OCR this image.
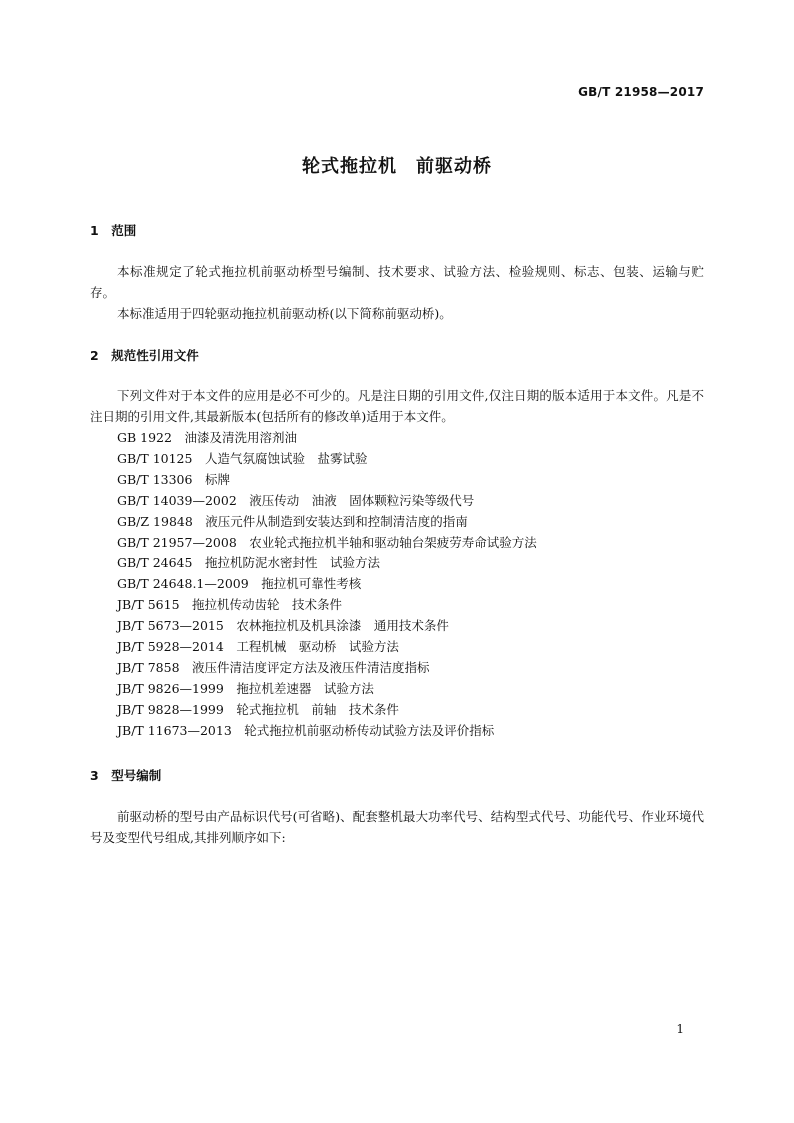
GB/T 21958—2017
轮式拖拉机　前驱动桥
1　范围

本标准规定了轮式拖拉机前驱动桥型号编制、技术要求、试验方法、检验规则、标志、包装、运输与贮存。

本标准适用于四轮驱动拖拉机前驱动桥(以下简称前驱动桥)。

2　规范性引用文件

下列文件对于本文件的应用是必不可少的。凡是注日期的引用文件,仅注日期的版本适用于本文件。凡是不注日期的引用文件,其最新版本(包括所有的修改单)适用于本文件。

GB 1922　油漆及清洗用溶剂油
GB/T 10125　人造气氛腐蚀试验　盐雾试验
GB/T 13306　标牌
GB/T 14039—2002　液压传动　油液　固体颗粒污染等级代号
GB/Z 19848　液压元件从制造到安装达到和控制清洁度的指南
GB/T 21957—2008　农业轮式拖拉机半轴和驱动轴台架疲劳寿命试验方法
GB/T 24645　拖拉机防泥水密封性　试验方法
GB/T 24648.1—2009　拖拉机可靠性考核
JB/T 5615　拖拉机传动齿轮　技术条件
JB/T 5673—2015　农林拖拉机及机具涂漆　通用技术条件
JB/T 5928—2014　工程机械　驱动桥　试验方法
JB/T 7858　液压件清洁度评定方法及液压件清洁度指标
JB/T 9826—1999　拖拉机差速器　试验方法
JB/T 9828—1999　轮式拖拉机　前轴　技术条件
JB/T 11673—2013　轮式拖拉机前驱动桥传动试验方法及评价指标
3　型号编制

前驱动桥的型号由产品标识代号(可省略)、配套整机最大功率代号、结构型式代号、功能代号、作业环境代号及变型代号组成,其排列顺序如下:

1
